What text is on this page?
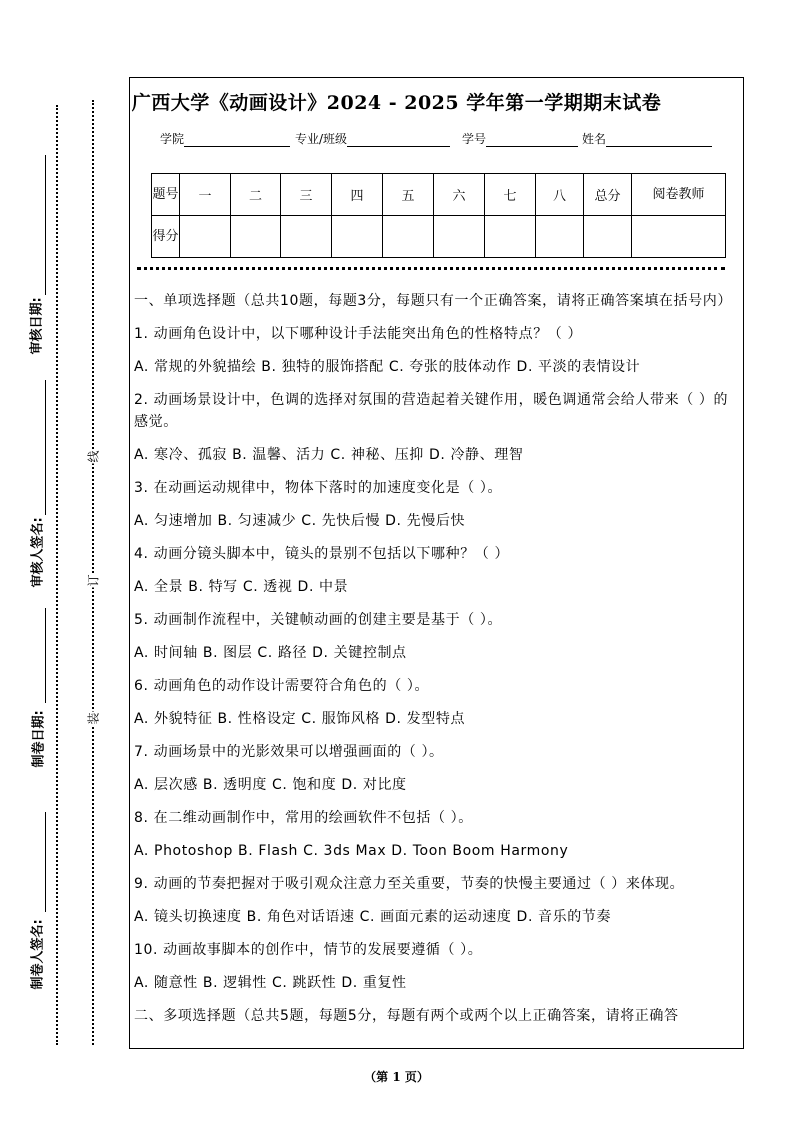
审核日期:
审核人签名:
制卷日期:
制卷人签名:
线
订
装
广西大学《动画设计》2024 - 2025 学年第一学期期末试卷
学院	专业/班级	学号	姓名
题号	一	二	三	四	五	六	七	八	总分	阅卷教师
得分										

一、单项选择题（总共10题，每题3分，每题只有一个正确答案，请将正确答案填在括号内）

1. 动画角色设计中，以下哪种设计手法能突出角色的性格特点？（ ）

A. 常规的外貌描绘 B. 独特的服饰搭配 C. 夸张的肢体动作 D. 平淡的表情设计

2. 动画场景设计中，色调的选择对氛围的营造起着关键作用，暖色调通常会给人带来（ ）的感觉。

A. 寒冷、孤寂 B. 温馨、活力 C. 神秘、压抑 D. 冷静、理智

3. 在动画运动规律中，物体下落时的加速度变化是（ ）。

A. 匀速增加 B. 匀速减少 C. 先快后慢 D. 先慢后快

4. 动画分镜头脚本中，镜头的景别不包括以下哪种？（ ）

A. 全景 B. 特写 C. 透视 D. 中景

5. 动画制作流程中，关键帧动画的创建主要是基于（ ）。

A. 时间轴 B. 图层 C. 路径 D. 关键控制点

6. 动画角色的动作设计需要符合角色的（ ）。

A. 外貌特征 B. 性格设定 C. 服饰风格 D. 发型特点

7. 动画场景中的光影效果可以增强画面的（ ）。

A. 层次感 B. 透明度 C. 饱和度 D. 对比度

8. 在二维动画制作中，常用的绘画软件不包括（ ）。

A. Photoshop B. Flash C. 3ds Max D. Toon Boom Harmony

9. 动画的节奏把握对于吸引观众注意力至关重要，节奏的快慢主要通过（ ）来体现。

A. 镜头切换速度 B. 角色对话语速 C. 画面元素的运动速度 D. 音乐的节奏

10. 动画故事脚本的创作中，情节的发展要遵循（ ）。

A. 随意性 B. 逻辑性 C. 跳跃性 D. 重复性

二、多项选择题（总共5题，每题5分，每题有两个或两个以上正确答案，请将正确答

（第 1 页）
